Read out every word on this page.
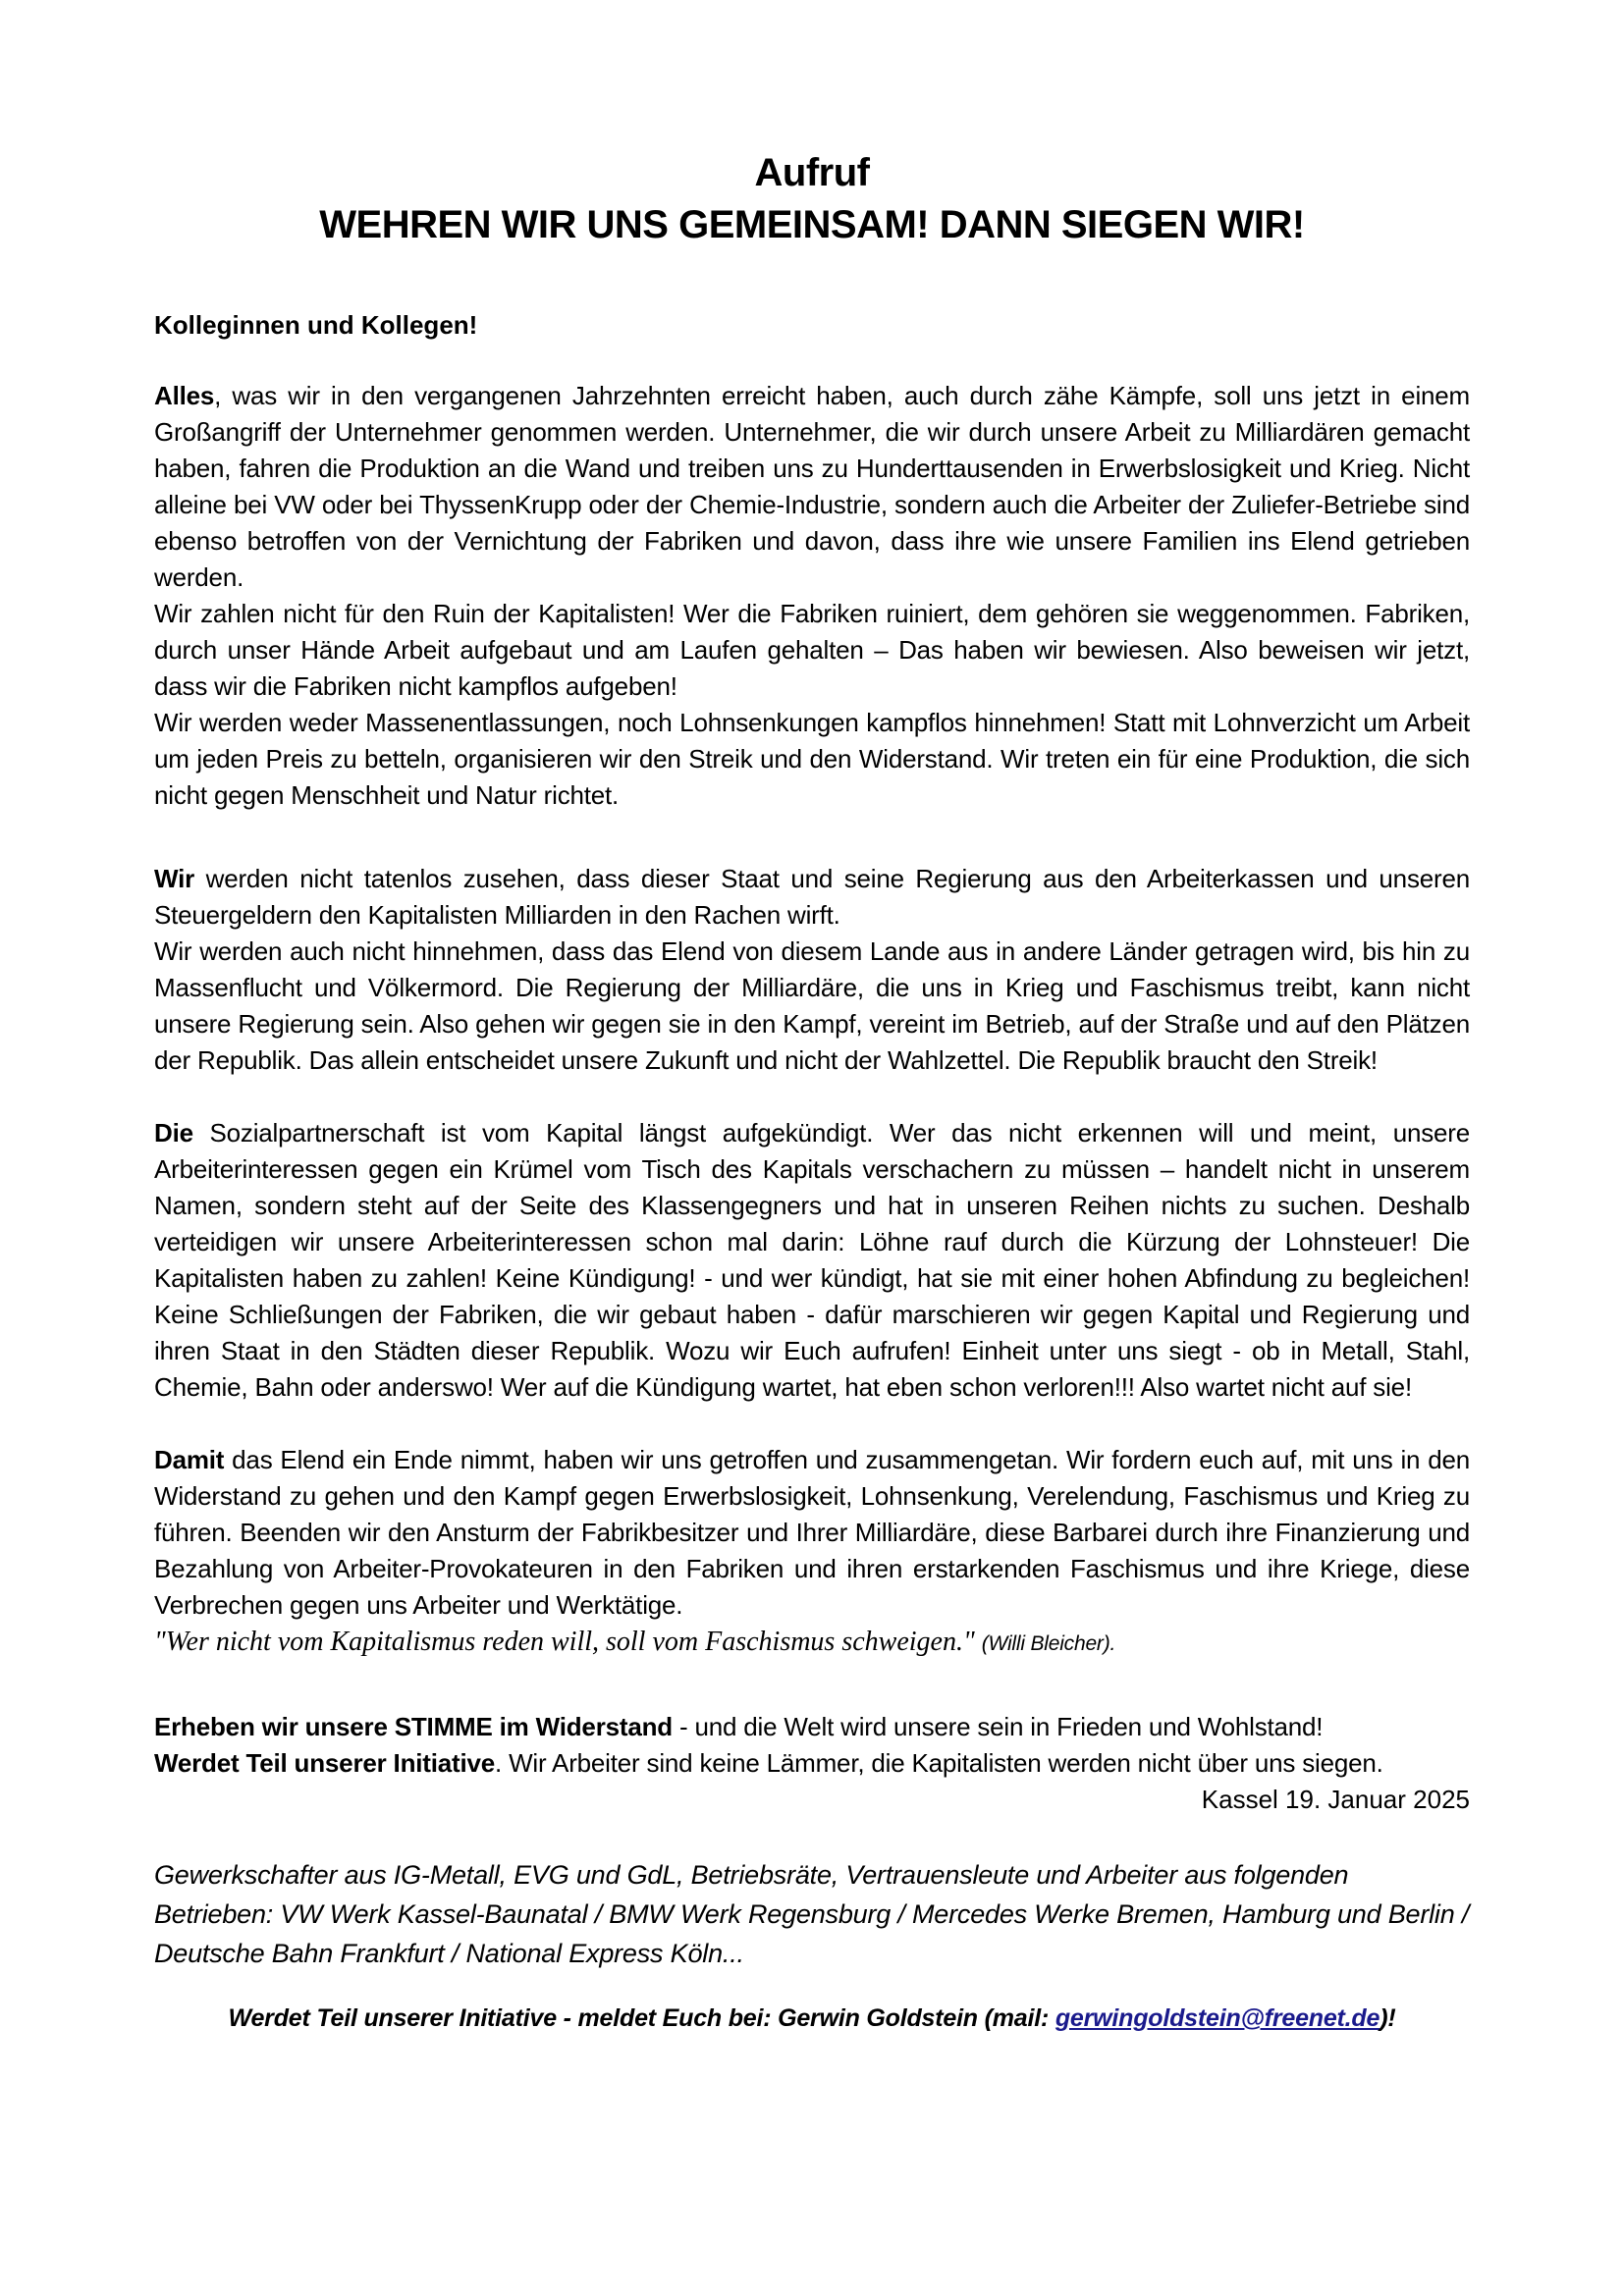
Aufruf
WEHREN WIR UNS GEMEINSAM! DANN SIEGEN WIR!
Kolleginnen und Kollegen!
Alles, was wir in den vergangenen Jahrzehnten erreicht haben, auch durch zähe Kämpfe, soll uns jetzt in einem Großangriff der Unternehmer genommen werden. Unternehmer, die wir durch unsere Arbeit zu Milliardären gemacht haben, fahren die Produktion an die Wand und treiben uns zu Hunderttausenden in Erwerbslosigkeit und Krieg. Nicht alleine bei VW oder bei ThyssenKrupp oder der Chemie-Industrie, sondern auch die Arbeiter der Zuliefer-Betriebe sind ebenso betroffen von der Vernichtung der Fabriken und davon, dass ihre wie unsere Familien ins Elend getrieben werden.
Wir zahlen nicht für den Ruin der Kapitalisten! Wer die Fabriken ruiniert, dem gehören sie weggenommen. Fabriken, durch unser Hände Arbeit aufgebaut und am Laufen gehalten – Das haben wir bewiesen. Also beweisen wir jetzt, dass wir die Fabriken nicht kampflos aufgeben!
Wir werden weder Massenentlassungen, noch Lohnsenkungen kampflos hinnehmen! Statt mit Lohnverzicht um Arbeit um jeden Preis zu betteln, organisieren wir den Streik und den Widerstand. Wir treten ein für eine Produktion, die sich nicht gegen Menschheit und Natur richtet.
Wir werden nicht tatenlos zusehen, dass dieser Staat und seine Regierung aus den Arbeiterkassen und unseren Steuergeldern den Kapitalisten Milliarden in den Rachen wirft.
Wir werden auch nicht hinnehmen, dass das Elend von diesem Lande aus in andere Länder getragen wird, bis hin zu Massenflucht und Völkermord. Die Regierung der Milliardäre, die uns in Krieg und Faschismus treibt, kann nicht unsere Regierung sein. Also gehen wir gegen sie in den Kampf, vereint im Betrieb, auf der Straße und auf den Plätzen der Republik. Das allein entscheidet unsere Zukunft und nicht der Wahlzettel. Die Republik braucht den Streik!
Die Sozialpartnerschaft ist vom Kapital längst aufgekündigt. Wer das nicht erkennen will und meint, unsere Arbeiterinteressen gegen ein Krümel vom Tisch des Kapitals verschachern zu müssen – handelt nicht in unserem Namen, sondern steht auf der Seite des Klassengegners und hat in unseren Reihen nichts zu suchen. Deshalb verteidigen wir unsere Arbeiterinteressen schon mal darin: Löhne rauf durch die Kürzung der Lohnsteuer! Die Kapitalisten haben zu zahlen! Keine Kündigung! - und wer kündigt, hat sie mit einer hohen Abfindung zu begleichen! Keine Schließungen der Fabriken, die wir gebaut haben - dafür marschieren wir gegen Kapital und Regierung und ihren Staat in den Städten dieser Republik. Wozu wir Euch aufrufen! Einheit unter uns siegt - ob in Metall, Stahl, Chemie, Bahn oder anderswo! Wer auf die Kündigung wartet, hat eben schon verloren!!! Also wartet nicht auf sie!
Damit das Elend ein Ende nimmt, haben wir uns getroffen und zusammengetan. Wir fordern euch auf, mit uns in den Widerstand zu gehen und den Kampf gegen Erwerbslosigkeit, Lohnsenkung, Verelendung, Faschismus und Krieg zu führen. Beenden wir den Ansturm der Fabrikbesitzer und Ihrer Milliardäre, diese Barbarei durch ihre Finanzierung und Bezahlung von Arbeiter-Provokateuren in den Fabriken und ihren erstarkenden Faschismus und ihre Kriege, diese Verbrechen gegen uns Arbeiter und Werktätige.
"Wer nicht vom Kapitalismus reden will, soll vom Faschismus schweigen." (Willi Bleicher).
Erheben wir unsere STIMME im Widerstand - und die Welt wird unsere sein in Frieden und Wohlstand!
Werdet Teil unserer Initiative. Wir Arbeiter sind keine Lämmer, die Kapitalisten werden nicht über uns siegen.
Kassel 19. Januar 2025
Gewerkschafter aus IG-Metall, EVG und GdL, Betriebsräte, Vertrauensleute und Arbeiter aus folgenden Betrieben: VW Werk Kassel-Baunatal / BMW Werk Regensburg / Mercedes Werke Bremen, Hamburg und Berlin / Deutsche Bahn Frankfurt / National Express Köln...
Werdet Teil unserer Initiative - meldet Euch bei: Gerwin Goldstein (mail: gerwingoldstein@freenet.de)!
